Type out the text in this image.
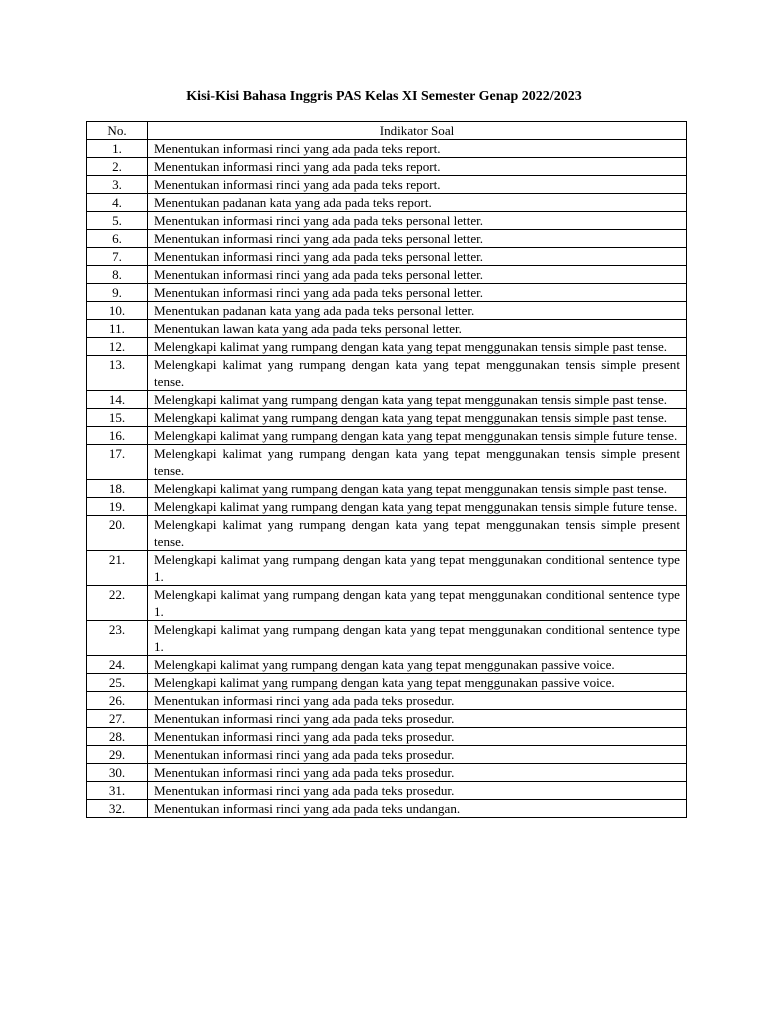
Kisi-Kisi Bahasa Inggris PAS Kelas XI Semester Genap 2022/2023
No.	Indikator Soal
1.	Menentukan informasi rinci yang ada pada teks report.
2.	Menentukan informasi rinci yang ada pada teks report.
3.	Menentukan informasi rinci yang ada pada teks report.
4.	Menentukan padanan kata yang ada pada teks report.
5.	Menentukan informasi rinci yang ada pada teks personal letter.
6.	Menentukan informasi rinci yang ada pada teks personal letter.
7.	Menentukan informasi rinci yang ada pada teks personal letter.
8.	Menentukan informasi rinci yang ada pada teks personal letter.
9.	Menentukan informasi rinci yang ada pada teks personal letter.
10.	Menentukan padanan kata yang ada pada teks personal letter.
11.	Menentukan lawan kata yang ada pada teks personal letter.
12.	Melengkapi kalimat yang rumpang dengan kata yang tepat menggunakan tensis simple past tense.
13.	Melengkapi kalimat yang rumpang dengan kata yang tepat menggunakan tensis simple present tense.
14.	Melengkapi kalimat yang rumpang dengan kata yang tepat menggunakan tensis simple past tense.
15.	Melengkapi kalimat yang rumpang dengan kata yang tepat menggunakan tensis simple past tense.
16.	Melengkapi kalimat yang rumpang dengan kata yang tepat menggunakan tensis simple future tense.
17.	Melengkapi kalimat yang rumpang dengan kata yang tepat menggunakan tensis simple present tense.
18.	Melengkapi kalimat yang rumpang dengan kata yang tepat menggunakan tensis simple past tense.
19.	Melengkapi kalimat yang rumpang dengan kata yang tepat menggunakan tensis simple future tense.
20.	Melengkapi kalimat yang rumpang dengan kata yang tepat menggunakan tensis simple present tense.
21.	Melengkapi kalimat yang rumpang dengan kata yang tepat menggunakan conditional sentence type 1.
22.	Melengkapi kalimat yang rumpang dengan kata yang tepat menggunakan conditional sentence type 1.
23.	Melengkapi kalimat yang rumpang dengan kata yang tepat menggunakan conditional sentence type 1.
24.	Melengkapi kalimat yang rumpang dengan kata yang tepat menggunakan passive voice.
25.	Melengkapi kalimat yang rumpang dengan kata yang tepat menggunakan passive voice.
26.	Menentukan informasi rinci yang ada pada teks prosedur.
27.	Menentukan informasi rinci yang ada pada teks prosedur.
28.	Menentukan informasi rinci yang ada pada teks prosedur.
29.	Menentukan informasi rinci yang ada pada teks prosedur.
30.	Menentukan informasi rinci yang ada pada teks prosedur.
31.	Menentukan informasi rinci yang ada pada teks prosedur.
32.	Menentukan informasi rinci yang ada pada teks undangan.
